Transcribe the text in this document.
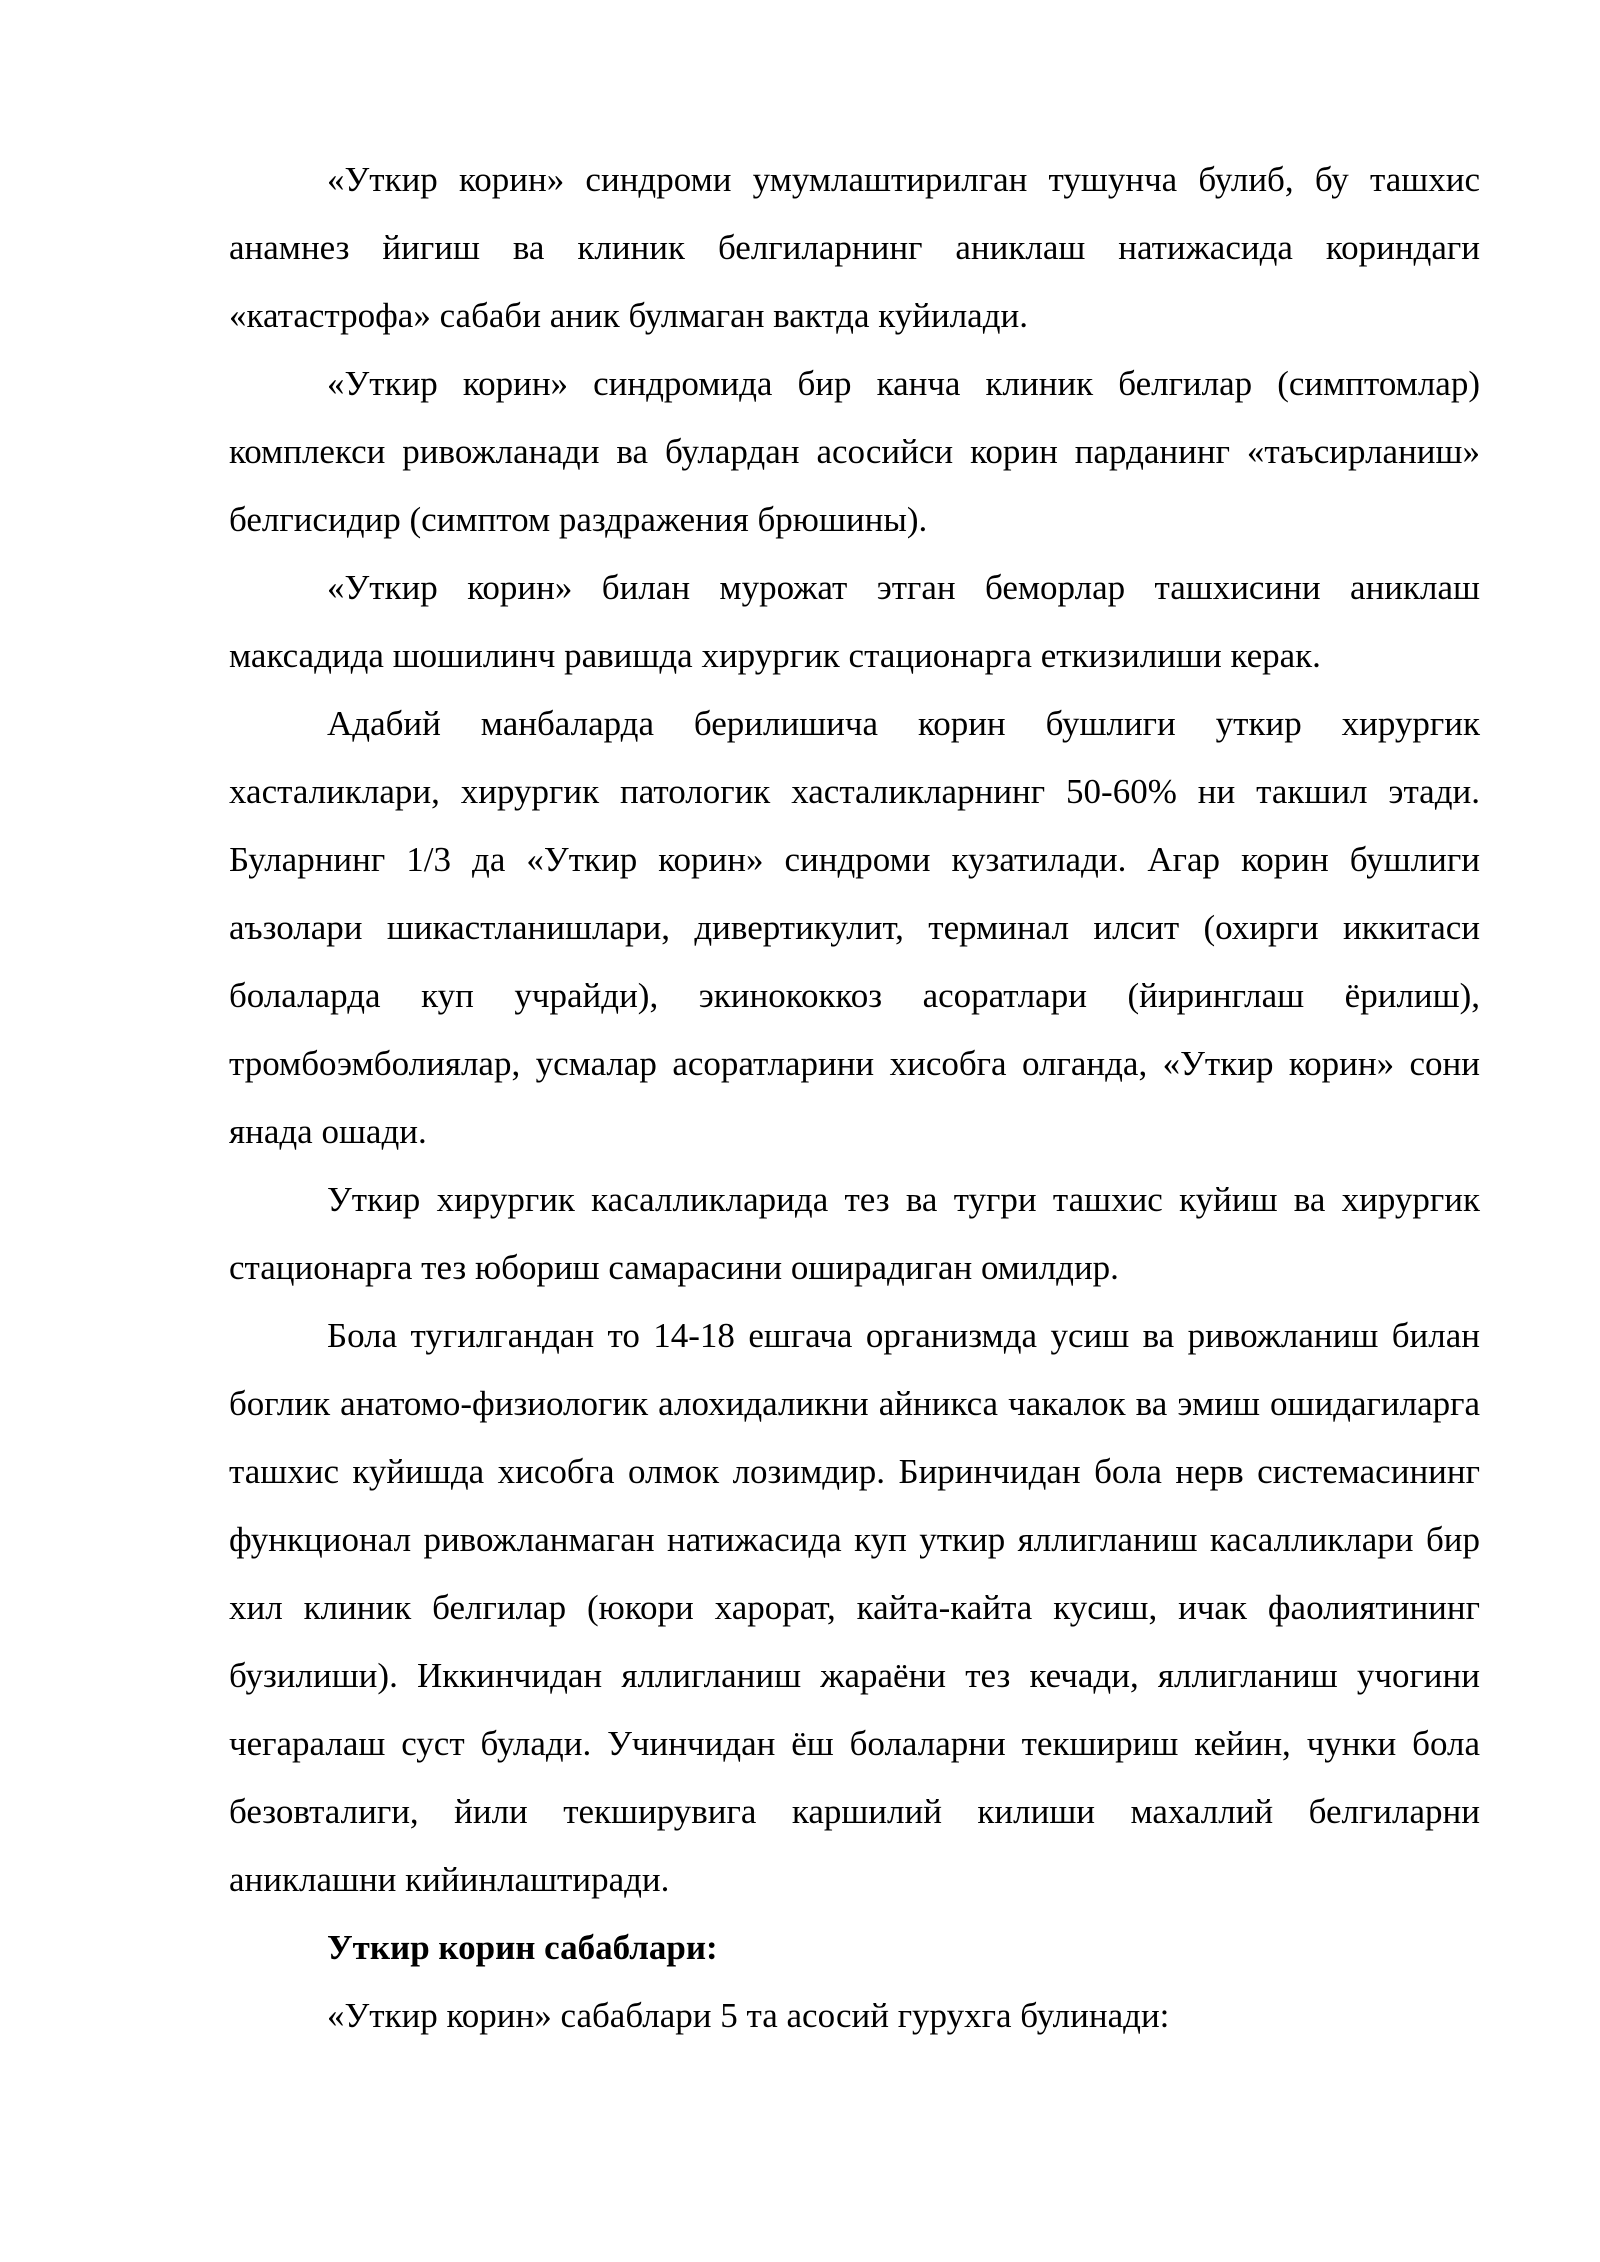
«Уткир корин» синдроми умумлаштирилган тушунча булиб, бу ташхис анамнез йигиш ва клиник белгиларнинг аниклаш натижасида кориндаги «катастрофа» сабаби аник булмаган вактда куйилади.

«Уткир корин» синдромида бир канча клиник белгилар (симптомлар) комплекси ривожланади ва булардан асосийси корин парданинг «таъсирланиш» белгисидир (симптом раздражения брюшины).

«Уткир корин» билан мурожат этган беморлар ташхисини аниклаш максадида шошилинч равишда хирургик стационарга еткизилиши керак.

Адабий манбаларда берилишича корин бушлиги уткир хирургик хасталиклари, хирургик патологик хасталикларнинг 50-60% ни такшил этади. Буларнинг 1/3 да «Уткир корин» синдроми кузатилади. Агар корин бушлиги аъзолари шикастланишлари, дивертикулит, терминал илсит (охирги иккитаси болаларда куп учрайди), экинококкоз асоратлари (йиринглаш ёрилиш), тромбоэмболиялар, усмалар асоратларини хисобга олганда, «Уткир корин» сони янада ошади.

Уткир хирургик касалликларида тез ва тугри ташхис куйиш ва хирургик стационарга тез юбориш самарасини оширадиган омилдир.

Бола тугилгандан то 14-18 ешгача организмда усиш ва ривожланиш билан боглик анатомо-физиологик алохидаликни айникса чакалок ва эмиш ошидагиларга ташхис куйишда хисобга олмок лозимдир. Биринчидан бола нерв системасининг функционал ривожланмаган натижасида куп уткир яллигланиш касалликлари бир хил клиник белгилар (юкори харорат, кайта-кайта кусиш, ичак фаолиятининг бузилиши). Иккинчидан яллигланиш жараёни тез кечади, яллигланиш учогини чегаралаш суст булади. Учинчидан ёш болаларни текшириш кейин, чунки бола безовталиги, йили текширувига каршилий килиши махаллий белгиларни аниклашни кийинлаштиради.

Уткир корин сабаблари:

«Уткир корин» сабаблари 5 та асосий гурухга булинади:
